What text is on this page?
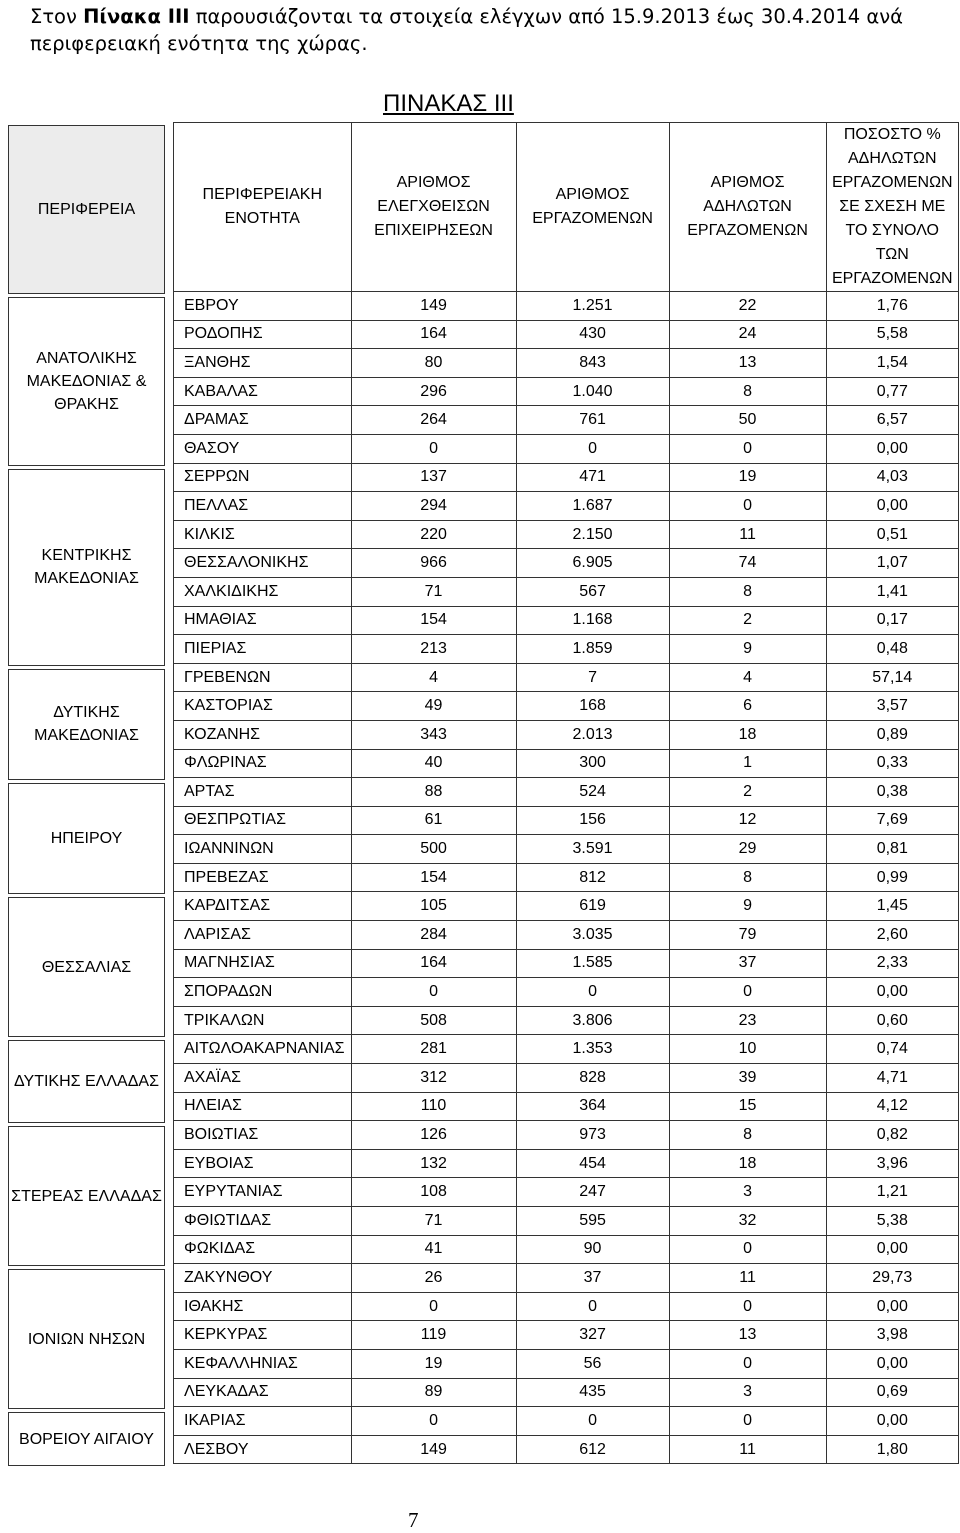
Στον Πίνακα ΙΙΙ παρουσιάζονται τα στοιχεία ελέγχων από 15.9.2013 έως 30.4.2014 ανά περιφερειακή ενότητα της χώρας.
ΠΙΝΑΚΑΣ ΙΙΙ
ΠΕΡΙΦΕΡΕΙΑ
ΑΝΑΤΟΛΙΚΗΣ ΜΑΚΕΔΟΝΙΑΣ & ΘΡΑΚΗΣ
ΚΕΝΤΡΙΚΗΣ ΜΑΚΕΔΟΝΙΑΣ
ΔΥΤΙΚΗΣ ΜΑΚΕΔΟΝΙΑΣ
ΗΠΕΙΡΟΥ
ΘΕΣΣΑΛΙΑΣ
ΔΥΤΙΚΗΣ ΕΛΛΑΔΑΣ
ΣΤΕΡΕΑΣ ΕΛΛΑΔΑΣ
ΙΟΝΙΩΝ ΝΗΣΩΝ
ΒΟΡΕΙΟΥ ΑΙΓΑΙΟΥ
ΠΕΡΙΦΕΡΕΙΑΚΗ ΕΝΟΤΗΤΑ	ΑΡΙΘΜΟΣ ΕΛΕΓΧΘΕΙΣΩΝ ΕΠΙΧΕΙΡΗΣΕΩΝ	ΑΡΙΘΜΟΣ ΕΡΓΑΖΟΜΕΝΩΝ	ΑΡΙΘΜΟΣ ΑΔΗΛΩΤΩΝ ΕΡΓΑΖΟΜΕΝΩΝ	ΠΟΣΟΣΤΟ % ΑΔΗΛΩΤΩΝ ΕΡΓΑΖΟΜΕΝΩΝ ΣΕ ΣΧΕΣΗ ΜΕ ΤΟ ΣΥΝΟΛΟ ΤΩΝ ΕΡΓΑΖΟΜΕΝΩΝ
ΕΒΡΟΥ	149	1.251	22	1,76
ΡΟΔΟΠΗΣ	164	430	24	5,58
ΞΑΝΘΗΣ	80	843	13	1,54
ΚΑΒΑΛΑΣ	296	1.040	8	0,77
ΔΡΑΜΑΣ	264	761	50	6,57
ΘΑΣΟΥ	0	0	0	0,00
ΣΕΡΡΩΝ	137	471	19	4,03
ΠΕΛΛΑΣ	294	1.687	0	0,00
ΚΙΛΚΙΣ	220	2.150	11	0,51
ΘΕΣΣΑΛΟΝΙΚΗΣ	966	6.905	74	1,07
ΧΑΛΚΙΔΙΚΗΣ	71	567	8	1,41
ΗΜΑΘΙΑΣ	154	1.168	2	0,17
ΠΙΕΡΙΑΣ	213	1.859	9	0,48
ΓΡΕΒΕΝΩΝ	4	7	4	57,14
ΚΑΣΤΟΡΙΑΣ	49	168	6	3,57
ΚΟΖΑΝΗΣ	343	2.013	18	0,89
ΦΛΩΡΙΝΑΣ	40	300	1	0,33
ΑΡΤΑΣ	88	524	2	0,38
ΘΕΣΠΡΩΤΙΑΣ	61	156	12	7,69
ΙΩΑΝΝΙΝΩΝ	500	3.591	29	0,81
ΠΡΕΒΕΖΑΣ	154	812	8	0,99
ΚΑΡΔΙΤΣΑΣ	105	619	9	1,45
ΛΑΡΙΣΑΣ	284	3.035	79	2,60
ΜΑΓΝΗΣΙΑΣ	164	1.585	37	2,33
ΣΠΟΡΑΔΩΝ	0	0	0	0,00
ΤΡΙΚΑΛΩΝ	508	3.806	23	0,60
ΑΙΤΩΛΟΑΚΑΡΝΑΝΙΑΣ	281	1.353	10	0,74
ΑΧΑΪΑΣ	312	828	39	4,71
ΗΛΕΙΑΣ	110	364	15	4,12
ΒΟΙΩΤΙΑΣ	126	973	8	0,82
ΕΥΒΟΙΑΣ	132	454	18	3,96
ΕΥΡΥΤΑΝΙΑΣ	108	247	3	1,21
ΦΘΙΩΤΙΔΑΣ	71	595	32	5,38
ΦΩΚΙΔΑΣ	41	90	0	0,00
ΖΑΚΥΝΘΟΥ	26	37	11	29,73
ΙΘΑΚΗΣ	0	0	0	0,00
ΚΕΡΚΥΡΑΣ	119	327	13	3,98
ΚΕΦΑΛΛΗΝΙΑΣ	19	56	0	0,00
ΛΕΥΚΑΔΑΣ	89	435	3	0,69
ΙΚΑΡΙΑΣ	0	0	0	0,00
ΛΕΣΒΟΥ	149	612	11	1,80
7
